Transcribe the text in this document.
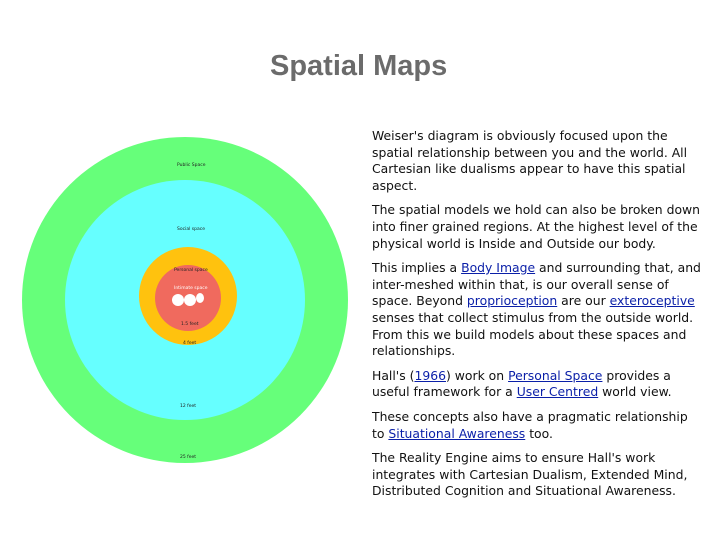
Spatial Maps
Public Space
Social space
Personal space
Intimate space
1.5 feet
4 feet
12 feet
25 feet

Weiser's diagram is obviously focused upon the spatial relationship between you and the world. All Cartesian like dualisms appear to have this spatial aspect.

The spatial models we hold can also be broken down into finer grained regions. At the highest level of the physical world is Inside and Outside our body.

This implies a Body Image and surrounding that, and inter-meshed within that, is our overall sense of space. Beyond proprioception are our exteroceptive senses that collect stimulus from the outside world. From this we build models about these spaces and relationships.

Hall's (1966) work on Personal Space provides a useful framework for a User Centred world view.

These concepts also have a pragmatic relationship to Situational Awareness too.

The Reality Engine aims to ensure Hall's work integrates with Cartesian Dualism, Extended Mind, Distributed Cognition and Situational Awareness.
